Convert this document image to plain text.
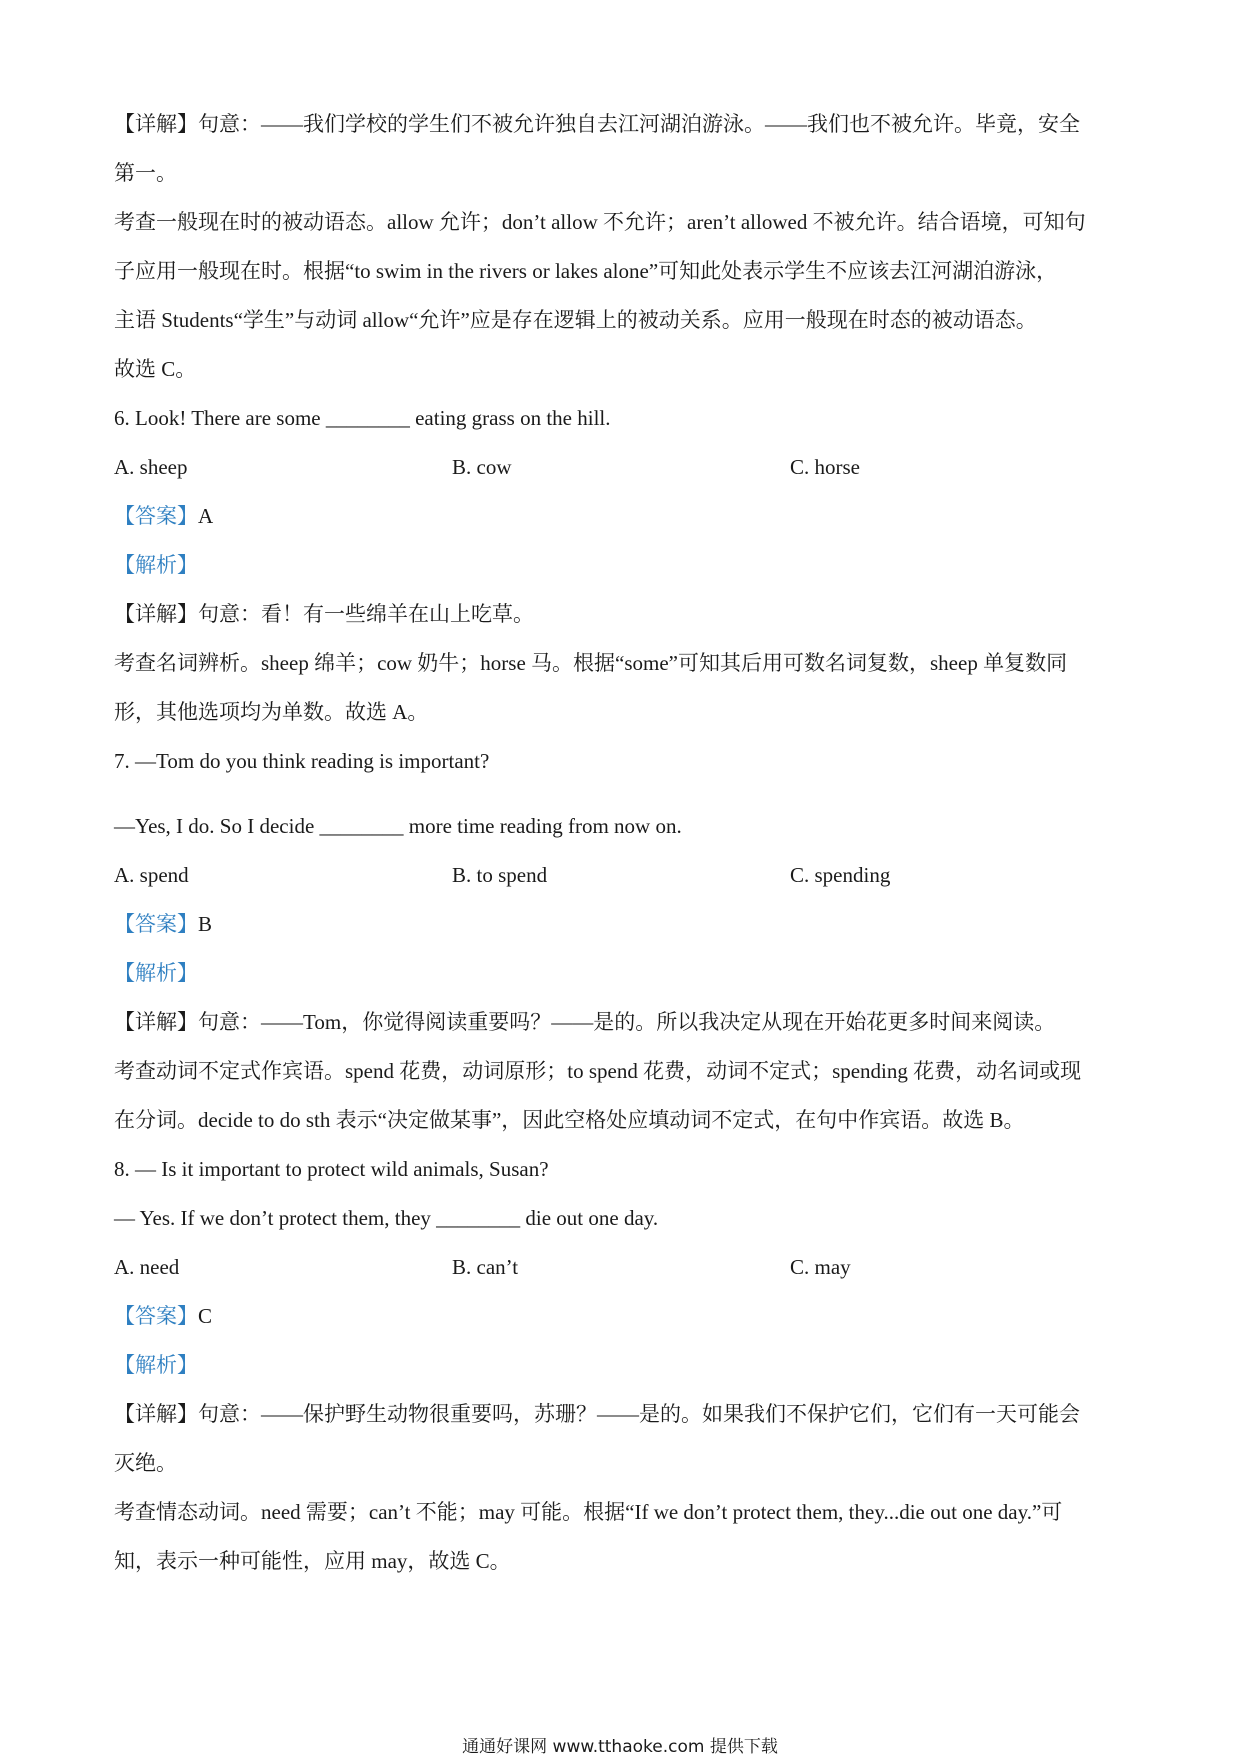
【详解】句意：——我们学校的学生们不被允许独自去江河湖泊游泳。——我们也不被允许。毕竟，安全
第一。
考查一般现在时的被动语态。allow 允许；don’t allow 不允许；aren’t allowed 不被允许。结合语境，可知句
子应用一般现在时。根据“to swim in the rivers or lakes alone”可知此处表示学生不应该去江河湖泊游泳，
主语 Students“学生”与动词 allow“允许”应是存在逻辑上的被动关系。应用一般现在时态的被动语态。
故选 C。
6. Look! There are some ________ eating grass on the hill.
A. sheep	B. cow	C. horse
【答案】A
【解析】
【详解】句意：看！有一些绵羊在山上吃草。
考查名词辨析。sheep 绵羊；cow 奶牛；horse 马。根据“some”可知其后用可数名词复数，sheep 单复数同
形，其他选项均为单数。故选 A。
7. —Tom do you think reading is important?
—Yes, I do. So I decide ________ more time reading from now on.
A. spend	B. to spend	C. spending
【答案】B
【解析】
【详解】句意：——Tom，你觉得阅读重要吗？——是的。所以我决定从现在开始花更多时间来阅读。
考查动词不定式作宾语。spend 花费，动词原形；to spend 花费，动词不定式；spending 花费，动名词或现
在分词。decide to do sth 表示“决定做某事”，因此空格处应填动词不定式，在句中作宾语。故选 B。
8. — Is it important to protect wild animals, Susan?
— Yes. If we don’t protect them, they ________ die out one day.
A. need	B. can’t	C. may
【答案】C
【解析】
【详解】句意：——保护野生动物很重要吗，苏珊？——是的。如果我们不保护它们，它们有一天可能会
灭绝。
考查情态动词。need 需要；can’t 不能；may 可能。根据“If we don’t protect them, they...die out one day.”可
知，表示一种可能性，应用 may，故选 C。
通通好课网 www.tthaoke.com 提供下载
